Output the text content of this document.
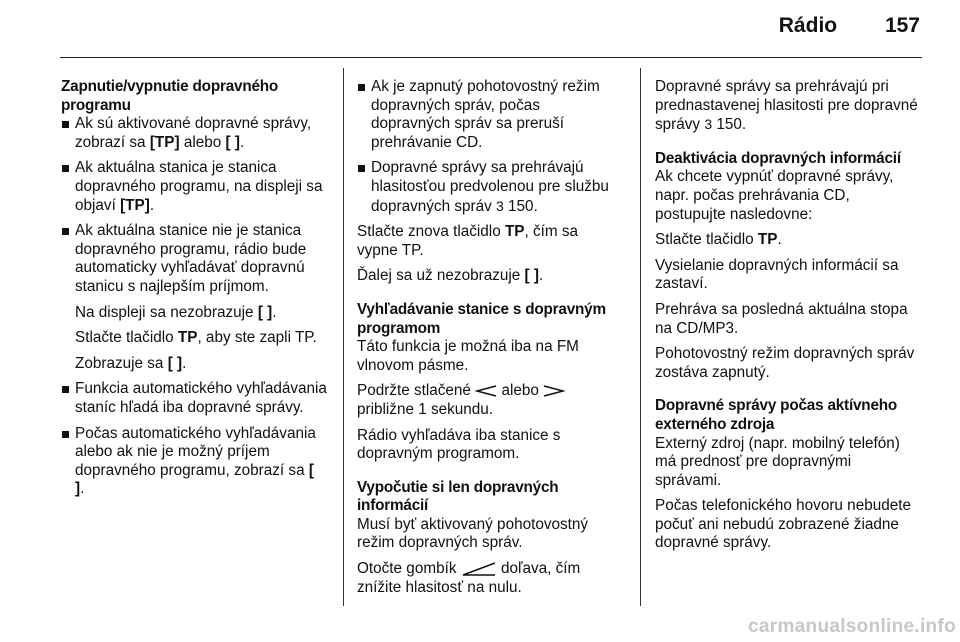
Rádio 157
Zapnutie/vypnutie dopravného programu
Ak sú aktivované dopravné správy, zobrazí sa [TP] alebo [ ].
Ak aktuálna stanica je stanica dopravného programu, na displeji sa objaví [TP].
Ak aktuálna stanice nie je stanica dopravného programu, rádio bude automaticky vyhľadávať dopravnú stanicu s najlepším príjmom.

Na displeji sa nezobrazuje [ ].

Stlačte tlačidlo TP, aby ste zapli TP.

Zobrazuje sa [ ].

Funkcia automatického vyhľadávania staníc hľadá iba dopravné správy.
Počas automatického vyhľadávania alebo ak nie je možný príjem dopravného programu, zobrazí sa [ ].
Ak je zapnutý pohotovostný režim dopravných správ, počas dopravných správ sa preruší prehrávanie CD.
Dopravné správy sa prehrávajú hlasitosťou predvolenou pre službu dopravných správ 3 150.

Stlačte znova tlačidlo TP, čím sa vypne TP.

Ďalej sa už nezobrazuje [ ].

Vyhľadávanie stanice s dopravným programom

Táto funkcia je možná iba na FM vlnovom pásme.

Podržte stlačené  alebo  približne 1 sekundu.

Rádio vyhľadáva iba stanice s dopravným programom.

Vypočutie si len dopravných informácií

Musí byť aktivovaný pohotovostný režim dopravných správ.

Otočte gombík  doľava, čím znížite hlasitosť na nulu.

Dopravné správy sa prehrávajú pri prednastavenej hlasitosti pre dopravné správy 3 150.

Deaktivácia dopravných informácií

Ak chcete vypnúť dopravné správy, napr. počas prehrávania CD, postupujte nasledovne:

Stlačte tlačidlo TP.

Vysielanie dopravných informácií sa zastaví.

Prehráva sa posledná aktuálna stopa na CD/MP3.

Pohotovostný režim dopravných správ zostáva zapnutý.

Dopravné správy počas aktívneho externého zdroja

Externý zdroj (napr. mobilný telefón) má prednosť pre dopravnými správami.

Počas telefonického hovoru nebudete počuť ani nebudú zobrazené žiadne dopravné správy.

carmanualsonline.info
